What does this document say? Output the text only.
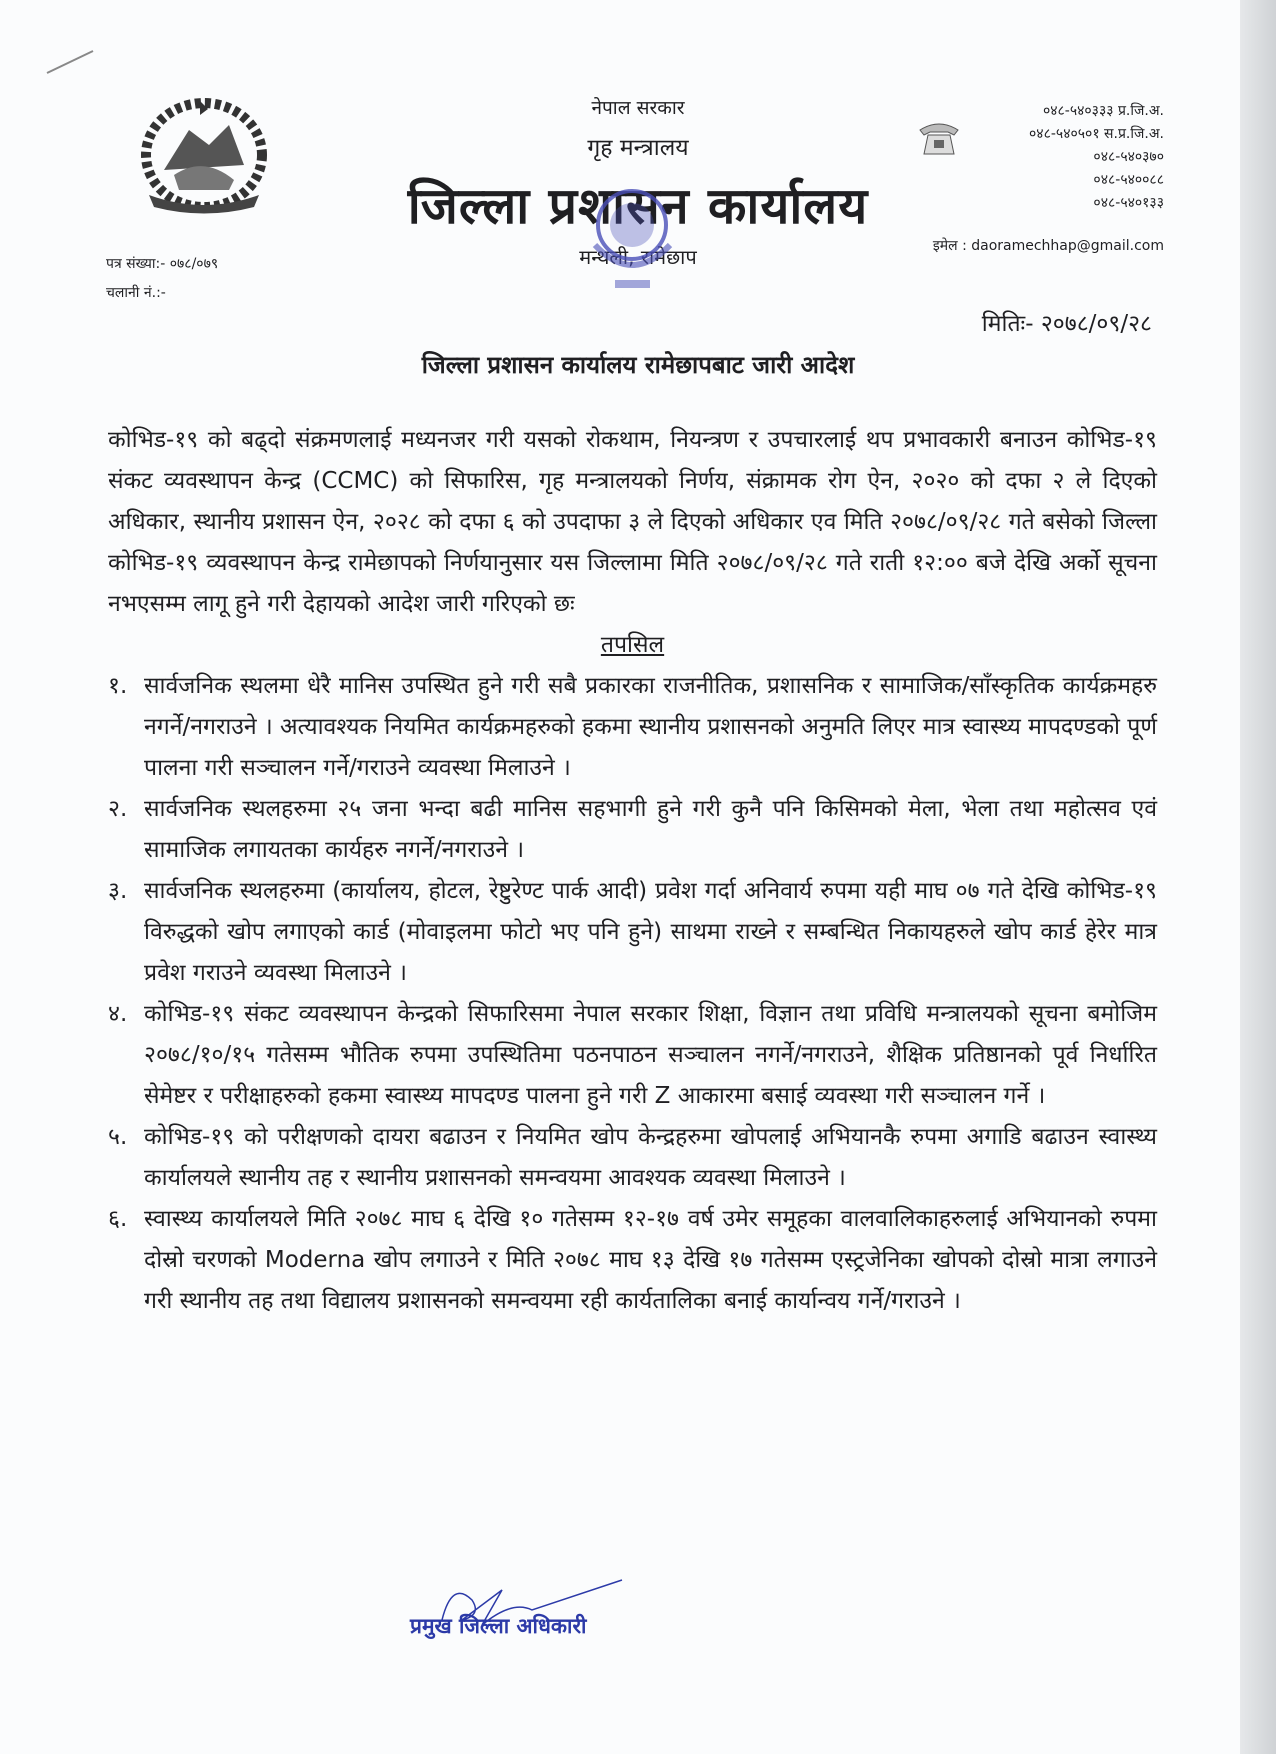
नेपाल सरकार
गृह मन्त्रालय
जिल्ला प्रशासन कार्यालय
मन्थली, रामेछाप
०४८-५४०३३३ प्र.जि.अ.
०४८-५४०५०१ स.प्र.जि.अ.
०४८-५४०३७०
०४८-५४००८८
०४८-५४०१३३
इमेल : daoramechhap@gmail.com
पत्र संख्या:- ०७८/०७९
चलानी नं.:-
मितिः- २०७८/०९/२८
जिल्ला प्रशासन कार्यालय रामेछापबाट जारी आदेश

कोभिड-१९ को बढ्दो संक्रमणलाई मध्यनजर गरी यसको रोकथाम, नियन्त्रण र उपचारलाई थप प्रभावकारी बनाउन कोभिड-१९ संकट व्यवस्थापन केन्द्र (CCMC) को सिफारिस, गृह मन्त्रालयको निर्णय, संक्रामक रोग ऐन, २०२० को दफा २ ले दिएको अधिकार, स्थानीय प्रशासन ऐन, २०२८ को दफा ६ को उपदाफा ३ ले दिएको अधिकार एव मिति २०७८/०९/२८ गते बसेको जिल्ला कोभिड-१९ व्यवस्थापन केन्द्र रामेछापको निर्णयानुसार यस जिल्लामा मिति २०७८/०९/२८ गते राती १२:०० बजे देखि अर्को सूचना नभएसम्म लागू हुने गरी देहायको आदेश जारी गरिएको छः

तपसिल

१. सार्वजनिक स्थलमा धेरै मानिस उपस्थित हुने गरी सबै प्रकारका राजनीतिक, प्रशासनिक र सामाजिक/साँस्कृतिक कार्यक्रमहरु नगर्ने/नगराउने । अत्यावश्यक नियमित कार्यक्रमहरुको हकमा स्थानीय प्रशासनको अनुमति लिएर मात्र स्वास्थ्य मापदण्डको पूर्ण पालना गरी सञ्चालन गर्ने/गराउने व्यवस्था मिलाउने ।
२. सार्वजनिक स्थलहरुमा २५ जना भन्दा बढी मानिस सहभागी हुने गरी कुनै पनि किसिमको मेला, भेला तथा महोत्सव एवं सामाजिक लगायतका कार्यहरु नगर्ने/नगराउने ।
३. सार्वजनिक स्थलहरुमा (कार्यालय, होटल, रेष्टुरेण्ट पार्क आदी) प्रवेश गर्दा अनिवार्य रुपमा यही माघ ०७ गते देखि कोभिड-१९ विरुद्धको खोप लगाएको कार्ड (मोवाइलमा फोटो भए पनि हुने) साथमा राख्ने र सम्बन्धित निकायहरुले खोप कार्ड हेरेर मात्र प्रवेश गराउने व्यवस्था मिलाउने ।
४. कोभिड-१९ संकट व्यवस्थापन केन्द्रको सिफारिसमा नेपाल सरकार शिक्षा, विज्ञान तथा प्रविधि मन्त्रालयको सूचना बमोजिम २०७८/१०/१५ गतेसम्म भौतिक रुपमा उपस्थितिमा पठनपाठन सञ्चालन नगर्ने/नगराउने, शैक्षिक प्रतिष्ठानको पूर्व निर्धारित सेमेष्टर र परीक्षाहरुको हकमा स्वास्थ्य मापदण्ड पालना हुने गरी Z आकारमा बसाई व्यवस्था गरी सञ्चालन गर्ने ।
५. कोभिड-१९ को परीक्षणको दायरा बढाउन र नियमित खोप केन्द्रहरुमा खोपलाई अभियानकै रुपमा अगाडि बढाउन स्वास्थ्य कार्यालयले स्थानीय तह र स्थानीय प्रशासनको समन्वयमा आवश्यक व्यवस्था मिलाउने ।
६. स्वास्थ्य कार्यालयले मिति २०७८ माघ ६ देखि १० गतेसम्म १२-१७ वर्ष उमेर समूहका वालवालिकाहरुलाई अभियानको रुपमा दोस्रो चरणको Moderna खोप लगाउने र मिति २०७८ माघ १३ देखि १७ गतेसम्म एस्ट्रजेनिका खोपको दोस्रो मात्रा लगाउने गरी स्थानीय तह तथा विद्यालय प्रशासनको समन्वयमा रही कार्यतालिका बनाई कार्यान्वय गर्ने/गराउने ।
प्रमुख जिल्ला अधिकारी
